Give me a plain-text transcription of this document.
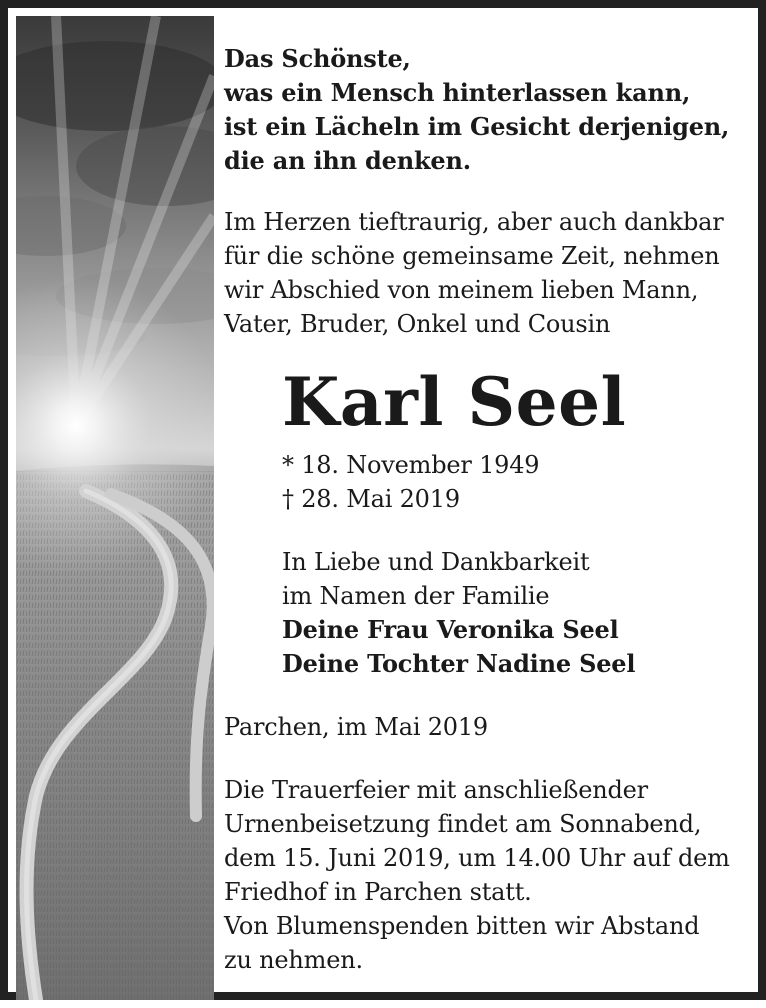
Das Schönste,
was ein Mensch hinterlassen kann,
ist ein Lächeln im Gesicht derjenigen,
die an ihn denken.
Im Herzen tieftraurig, aber auch dankbar
für die schöne gemeinsame Zeit, nehmen
wir Abschied von meinem lieben Mann,
Vater, Bruder, Onkel und Cousin
Karl Seel
* 18. November 1949
† 28. Mai 2019
In Liebe und Dankbarkeit
im Namen der Familie
Deine Frau Veronika Seel
Deine Tochter Nadine Seel
Parchen, im Mai 2019
Die Trauerfeier mit anschließender
Urnenbeisetzung findet am Sonnabend,
dem 15. Juni 2019, um 14.00 Uhr auf dem
Friedhof in Parchen statt.
Von Blumenspenden bitten wir Abstand
zu nehmen.
